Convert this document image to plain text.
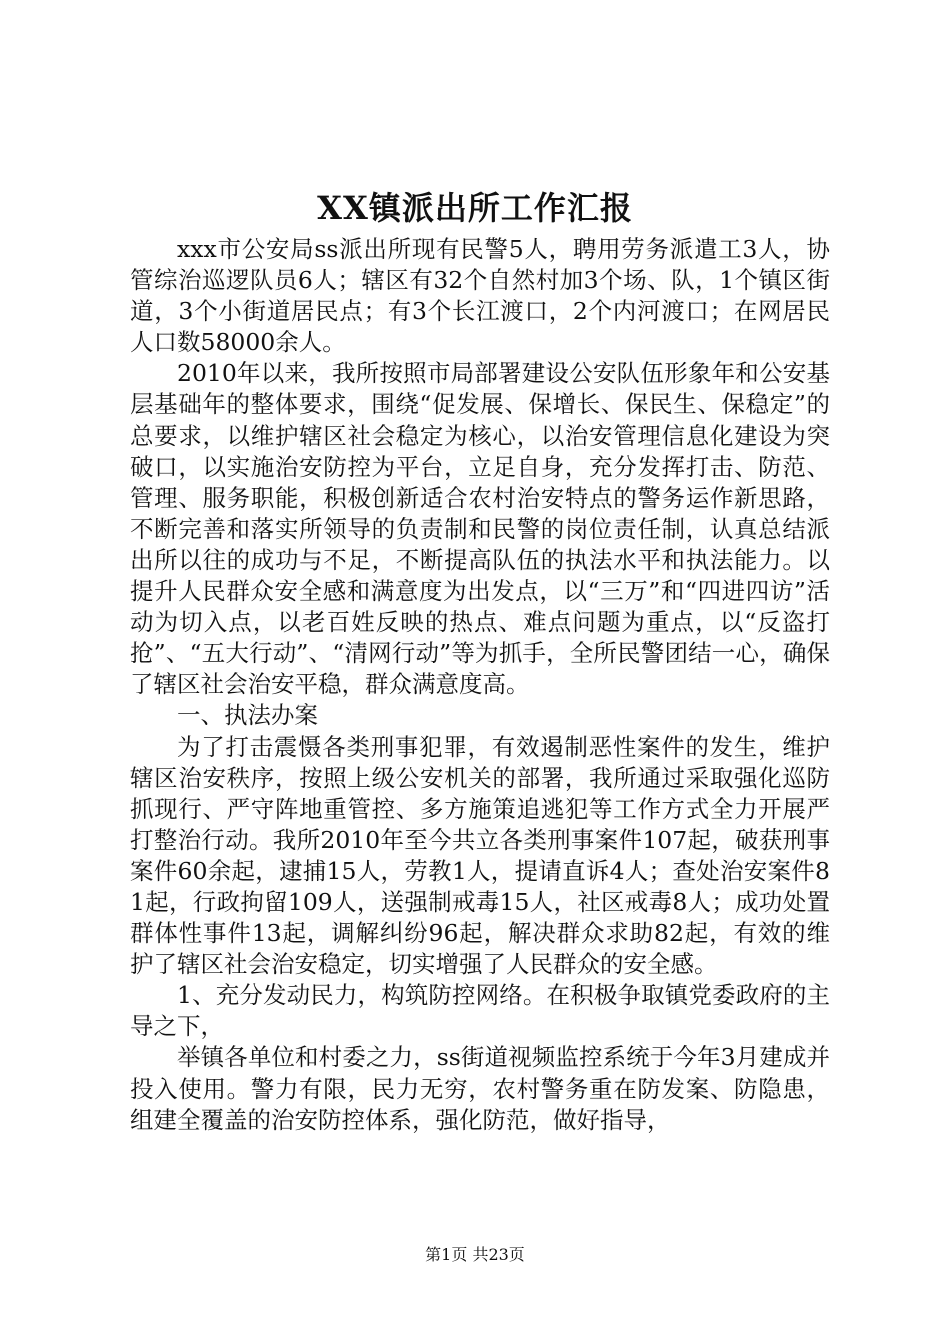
XX镇派出所工作汇报

xxx市公安局ss派出所现有民警5人，聘用劳务派遣工3人，协管综治巡逻队员6人；辖区有32个自然村加3个场、队，1个镇区街道，3个小街道居民点；有3个长江渡口，2个内河渡口；在网居民人口数58000余人。

2010年以来，我所按照市局部署建设公安队伍形象年和公安基层基础年的整体要求，围绕“促发展、保增长、保民生、保稳定”的总要求，以维护辖区社会稳定为核心，以治安管理信息化建设为突破口，以实施治安防控为平台，立足自身，充分发挥打击、防范、管理、服务职能，积极创新适合农村治安特点的警务运作新思路，不断完善和落实所领导的负责制和民警的岗位责任制，认真总结派出所以往的成功与不足，不断提高队伍的执法水平和执法能力。以提升人民群众安全感和满意度为出发点，以“三万”和“四进四访”活动为切入点，以老百姓反映的热点、难点问题为重点，以“反盗打抢”、“五大行动”、“清网行动”等为抓手，全所民警团结一心，确保了辖区社会治安平稳，群众满意度高。

一、执法办案

为了打击震慑各类刑事犯罪，有效遏制恶性案件的发生，维护辖区治安秩序，按照上级公安机关的部署，我所通过采取强化巡防抓现行、严守阵地重管控、多方施策追逃犯等工作方式全力开展严打整治行动。我所2010年至今共立各类刑事案件107起，破获刑事案件60余起，逮捕15人，劳教1人，提请直诉4人；查处治安案件81起，行政拘留109人，送强制戒毒15人，社区戒毒8人；成功处置群体性事件13起，调解纠纷96起，解决群众求助82起，有效的维护了辖区社会治安稳定，切实增强了人民群众的安全感。

1、充分发动民力，构筑防控网络。在积极争取镇党委政府的主导之下，

举镇各单位和村委之力，ss街道视频监控系统于今年3月建成并投入使用。警力有限，民力无穷，农村警务重在防发案、防隐患，组建全覆盖的治安防控体系，强化防范，做好指导，

第1页 共23页
